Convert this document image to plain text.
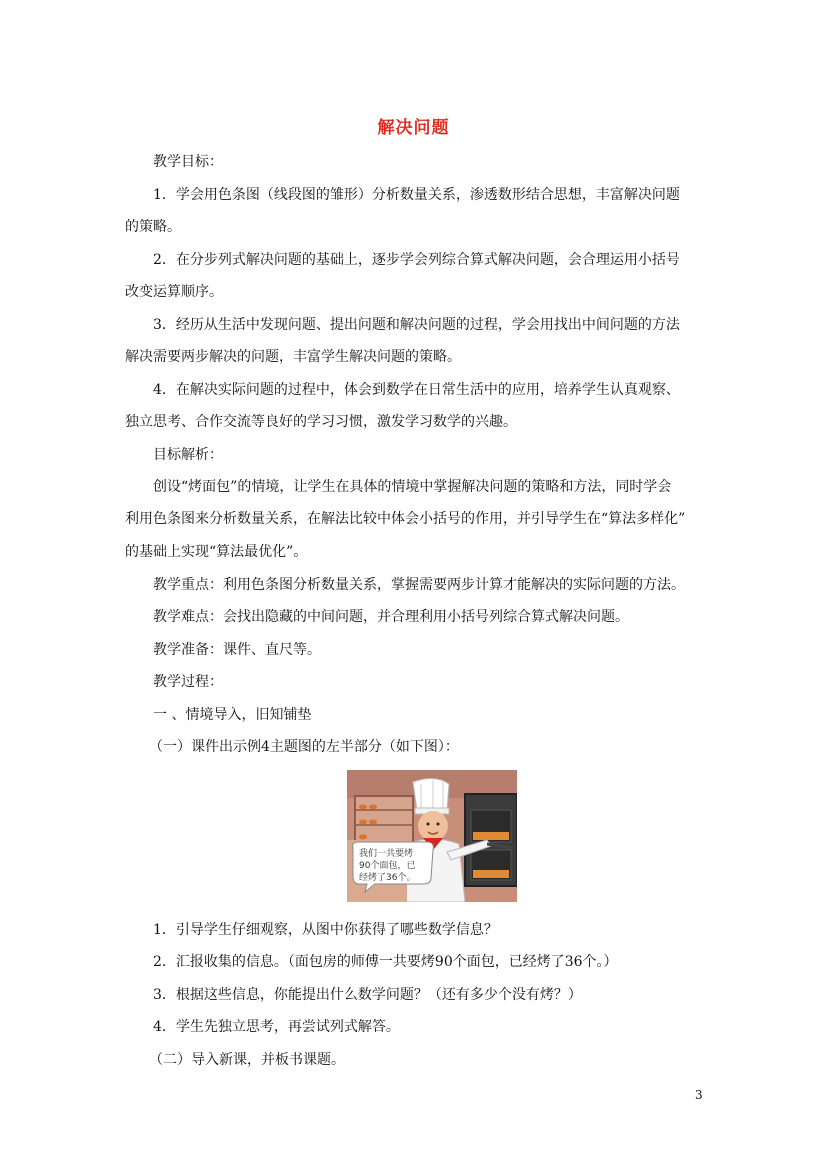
解决问题
教学目标：
1．学会用色条图（线段图的雏形）分析数量关系，渗透数形结合思想，丰富解决问题
的策略。
2．在分步列式解决问题的基础上，逐步学会列综合算式解决问题，会合理运用小括号
改变运算顺序。
3．经历从生活中发现问题、提出问题和解决问题的过程，学会用找出中间问题的方法
解决需要两步解决的问题，丰富学生解决问题的策略。
4．在解决实际问题的过程中，体会到数学在日常生活中的应用，培养学生认真观察、
独立思考、合作交流等良好的学习习惯，激发学习数学的兴趣。
目标解析：
创设“烤面包”的情境，让学生在具体的情境中掌握解决问题的策略和方法，同时学会
利用色条图来分析数量关系，在解法比较中体会小括号的作用，并引导学生在“算法多样化”
的基础上实现“算法最优化”。
教学重点：利用色条图分析数量关系，掌握需要两步计算才能解决的实际问题的方法。
教学难点：会找出隐藏的中间问题，并合理利用小括号列综合算式解决问题。
教学准备：课件、直尺等。
教学过程：
一 、情境导入，旧知铺垫
（一）课件出示例4主题图的左半部分（如下图）：
我们一共要烤
90个面包，已
经烤了36个。
1．引导学生仔细观察，从图中你获得了哪些数学信息？
2．汇报收集的信息。（面包房的师傅一共要烤90个面包，已经烤了36个。）
3．根据这些信息，你能提出什么数学问题？（还有多少个没有烤？）
4．学生先独立思考，再尝试列式解答。
（二）导入新课，并板书课题。
3
